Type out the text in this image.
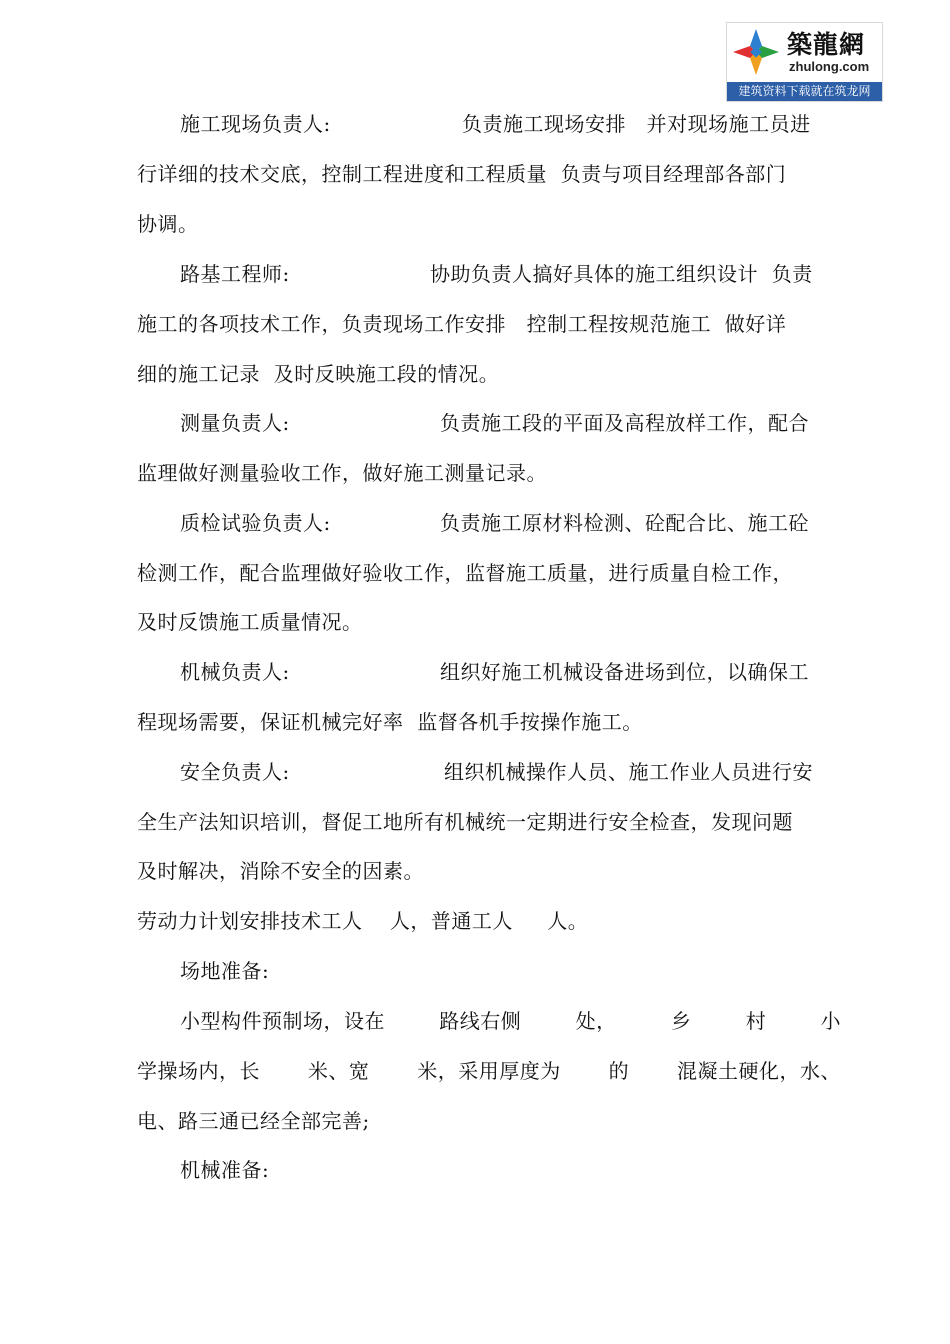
築龍網
zhulong.com
建筑资料下载就在筑龙网
施工现场负责人:	负责施工现场安排   并对现场施工员进
行详细的技术交底，控制工程进度和工程质量  负责与项目经理部各部门
协调。
路基工程师:	协助负责人搞好具体的施工组织设计  负责
施工的各项技术工作，负责现场工作安排   控制工程按规范施工  做好详
细的施工记录  及时反映施工段的情况。
测量负责人:	负责施工段的平面及高程放样工作，配合
监理做好测量验收工作，做好施工测量记录。
质检试验负责人:	负责施工原材料检测、砼配合比、施工砼
检测工作，配合监理做好验收工作，监督施工质量，进行质量自检工作，
及时反馈施工质量情况。
机械负责人:	组织好施工机械设备进场到位，以确保工
程现场需要，保证机械完好率  监督各机手按操作施工。
安全负责人:	组织机械操作人员、施工作业人员进行安
全生产法知识培训，督促工地所有机械统一定期进行安全检查，发现问题
及时解决，消除不安全的因素。
劳动力计划安排技术工人    人，普通工人     人。
场地准备:
小型构件预制场，设在	路线右侧	处，	乡	村	小
学操场内，长 米、宽 米，采用厚度为 的 混凝土硬化，水、
电、路三通已经全部完善;
机械准备:
